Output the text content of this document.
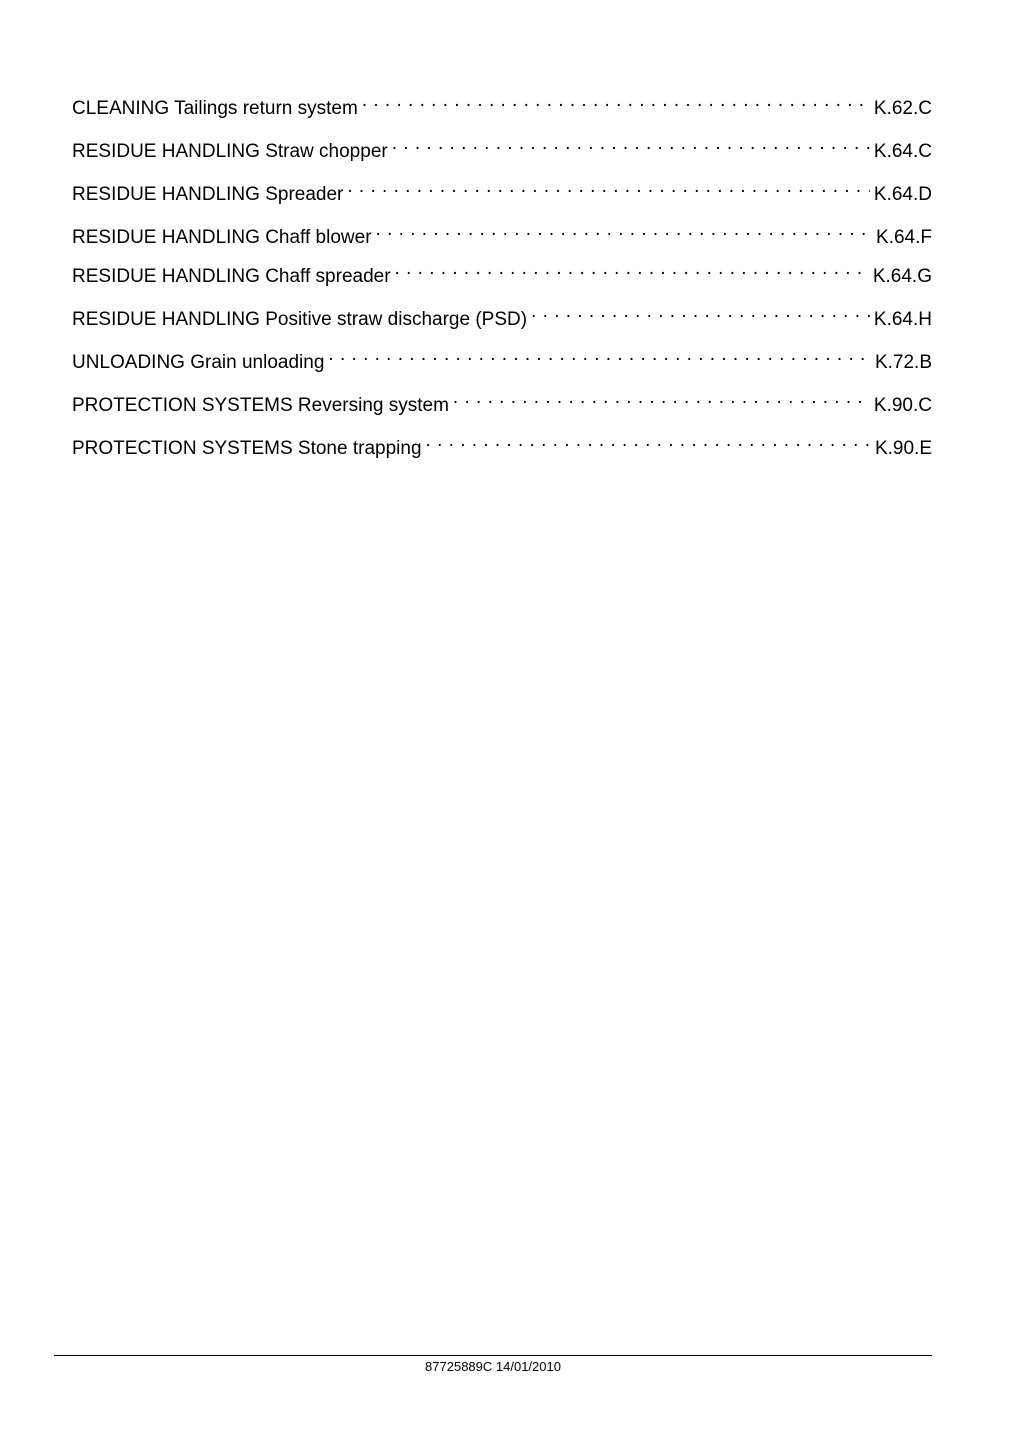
CLEANING Tailings return system . . .	K.62.C
RESIDUE HANDLING Straw chopper . . .	K.64.C
RESIDUE HANDLING Spreader . . .	K.64.D
RESIDUE HANDLING Chaff blower . . .	K.64.F
RESIDUE HANDLING Chaff spreader . . .	K.64.G
RESIDUE HANDLING Positive straw discharge (PSD) . . .	K.64.H
UNLOADING Grain unloading . . .	K.72.B
PROTECTION SYSTEMS Reversing system . . .	K.90.C
PROTECTION SYSTEMS Stone trapping . . .	K.90.E
87725889C 14/01/2010
